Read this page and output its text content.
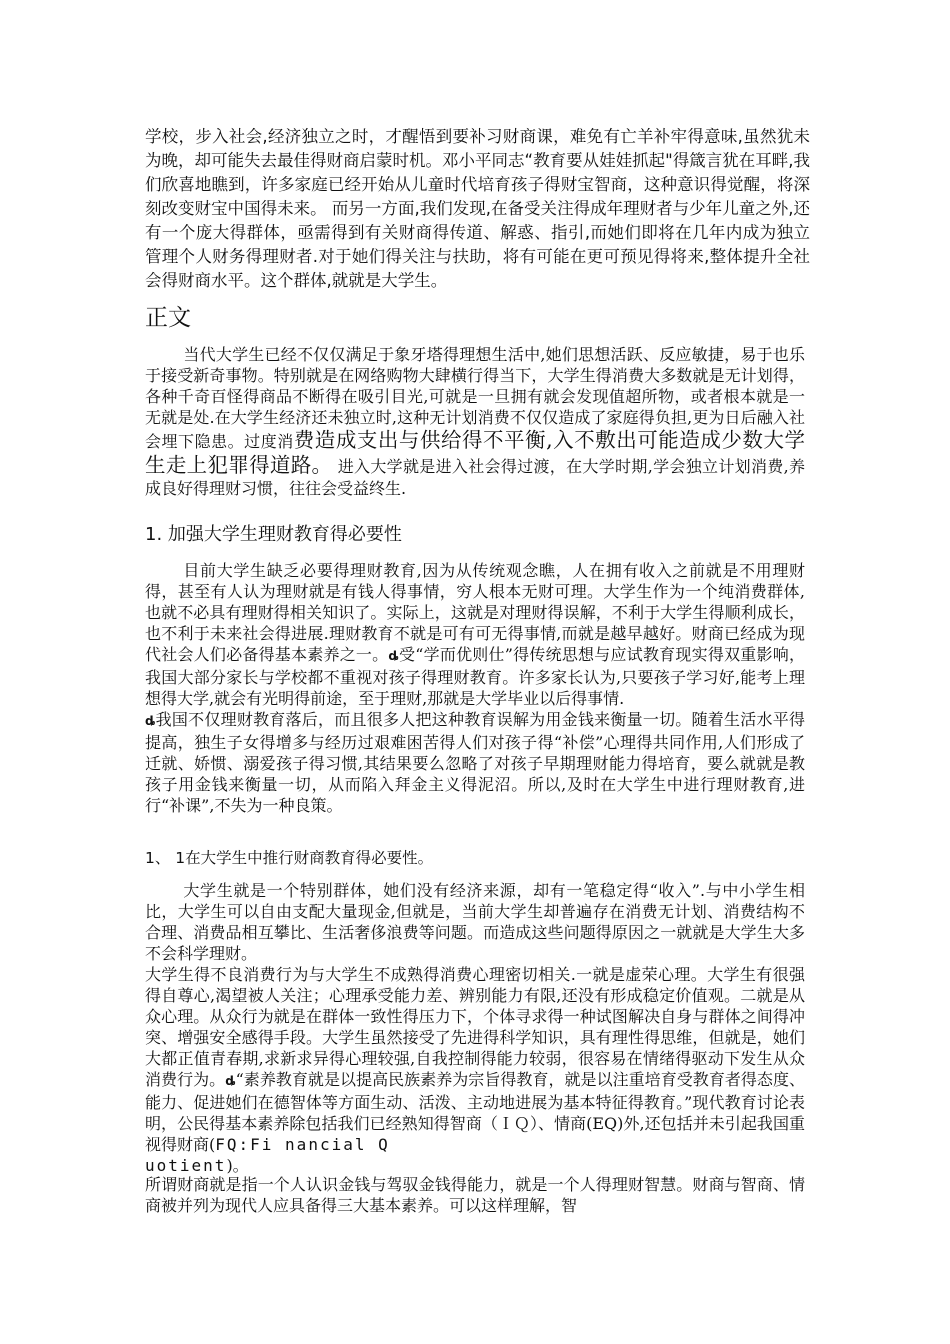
学校，步入社会,经济独立之时，才醒悟到要补习财商课，难免有亡羊补牢得意味,虽然犹未为晚，却可能失去最佳得财商启蒙时机。邓小平同志“教育要从娃娃抓起"得箴言犹在耳畔,我们欣喜地瞧到，许多家庭已经开始从儿童时代培育孩子得财宝智商，这种意识得觉醒，将深刻改变财宝中国得未来。 而另一方面,我们发现,在备受关注得成年理财者与少年儿童之外,还有一个庞大得群体，亟需得到有关财商得传道、解惑、指引,而她们即将在几年内成为独立管理个人财务得理财者.对于她们得关注与扶助，将有可能在更可预见得将来,整体提升全社会得财商水平。这个群体,就就是大学生。

正文

当代大学生已经不仅仅满足于象牙塔得理想生活中,她们思想活跃、反应敏捷，易于也乐于接受新奇事物。特别就是在网络购物大肆横行得当下，大学生得消费大多数就是无计划得，各种千奇百怪得商品不断得在吸引目光,可就是一旦拥有就会发现值超所物，或者根本就是一无就是处.在大学生经济还未独立时,这种无计划消费不仅仅造成了家庭得负担,更为日后融入社会埋下隐患。过度消费造成支出与供给得不平衡,入不敷出可能造成少数大学生走上犯罪得道路。 进入大学就是进入社会得过渡，在大学时期,学会独立计划消费,养成良好得理财习惯，往往会受益终生.

1. 加强大学生理财教育得必要性

目前大学生缺乏必要得理财教育,因为从传统观念瞧，人在拥有收入之前就是不用理财得，甚至有人认为理财就是有钱人得事情，穷人根本无财可理。大学生作为一个纯消费群体,也就不必具有理财得相关知识了。实际上，这就是对理财得误解，不利于大学生得顺利成长，也不利于未来社会得进展.理财教育不就是可有可无得事情,而就是越早越好。财商已经成为现代社会人们必备得基本素养之一。ȡ受“学而优则仕”得传统思想与应试教育现实得双重影响，我国大部分家长与学校都不重视对孩子得理财教育。许多家长认为,只要孩子学习好,能考上理想得大学,就会有光明得前途，至于理财,那就是大学毕业以后得事情.
ȡ我国不仅理财教育落后，而且很多人把这种教育误解为用金钱来衡量一切。随着生活水平得提高，独生子女得增多与经历过艰难困苦得人们对孩子得“补偿”心理得共同作用,人们形成了迁就、娇惯、溺爱孩子得习惯,其结果要么忽略了对孩子早期理财能力得培育，要么就就是教孩子用金钱来衡量一切，从而陷入拜金主义得泥沼。所以,及时在大学生中进行理财教育,进行“补课”,不失为一种良策。

1、 1在大学生中推行财商教育得必要性。

大学生就是一个特别群体，她们没有经济来源，却有一笔稳定得“收入”.与中小学生相比，大学生可以自由支配大量现金,但就是，当前大学生却普遍存在消费无计划、消费结构不合理、消费品相互攀比、生活奢侈浪费等问题。而造成这些问题得原因之一就就是大学生大多不会科学理财。

大学生得不良消费行为与大学生不成熟得消费心理密切相关.一就是虚荣心理。大学生有很强得自尊心,渴望被人关注；心理承受能力差、辨别能力有限,还没有形成稳定价值观。二就是从众心理。从众行为就是在群体一致性得压力下，个体寻求得一种试图解决自身与群体之间得冲突、增强安全感得手段。大学生虽然接受了先进得科学知识，具有理性得思维，但就是，她们大都正值青春期,求新求异得心理较强,自我控制得能力较弱，很容易在情绪得驱动下发生从众消费行为。ȡ“素养教育就是以提高民族素养为宗旨得教育，就是以注重培育受教育者得态度、能力、促进她们在德智体等方面生动、活泼、主动地进展为基本特征得教育。”现代教育讨论表明，公民得基本素养除包括我们已经熟知得智商（ＩＱ）、情商(EQ)外,还包括并未引起我国重视得财商(FQ:Fi nancial Q
uotient)。

所谓财商就是指一个人认识金钱与驾驭金钱得能力，就是一个人得理财智慧。财商与智商、情商被并列为现代人应具备得三大基本素养。可以这样理解，智
